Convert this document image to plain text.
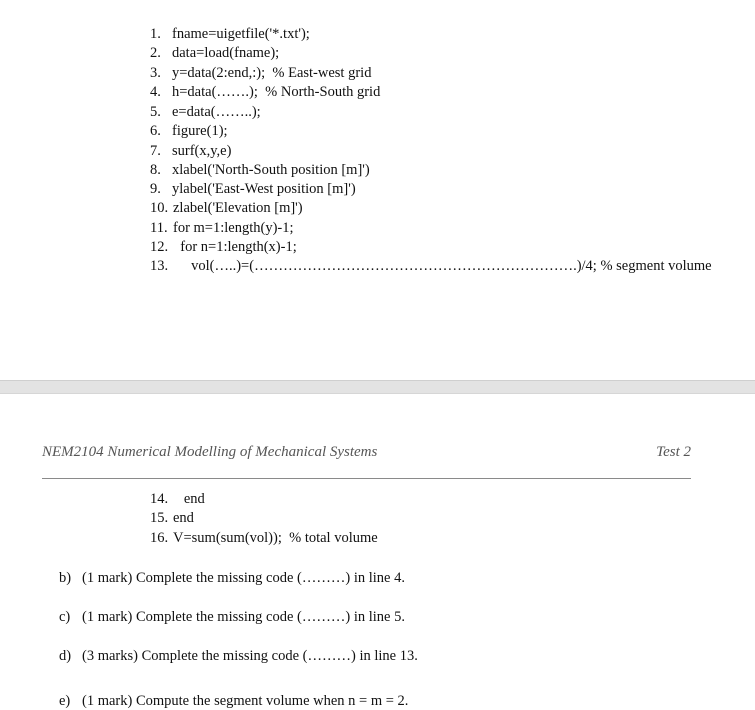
1. fname=uigetfile('*.txt');
2. data=load(fname);
3. y=data(2:end,:);  % East-west grid
4. h=data(…….);  % North-South grid
5. e=data(……..);
6. figure(1);
7. surf(x,y,e)
8. xlabel('North-South position [m]')
9. ylabel('East-West position [m]')
10. zlabel('Elevation [m]')
11. for m=1:length(y)-1;
12.  for n=1:length(x)-1;
13.     vol(…..)=(………………………………………………………….)/4; % segment volume
NEM2104 Numerical Modelling of Mechanical Systems	Test 2
14.   end
15. end
16. V=sum(sum(vol));  % total volume
b) (1 mark) Complete the missing code (………) in line 4.
c) (1 mark) Complete the missing code (………) in line 5.
d) (3 marks) Complete the missing code (………) in line 13.
e) (1 mark) Compute the segment volume when n = m = 2.
